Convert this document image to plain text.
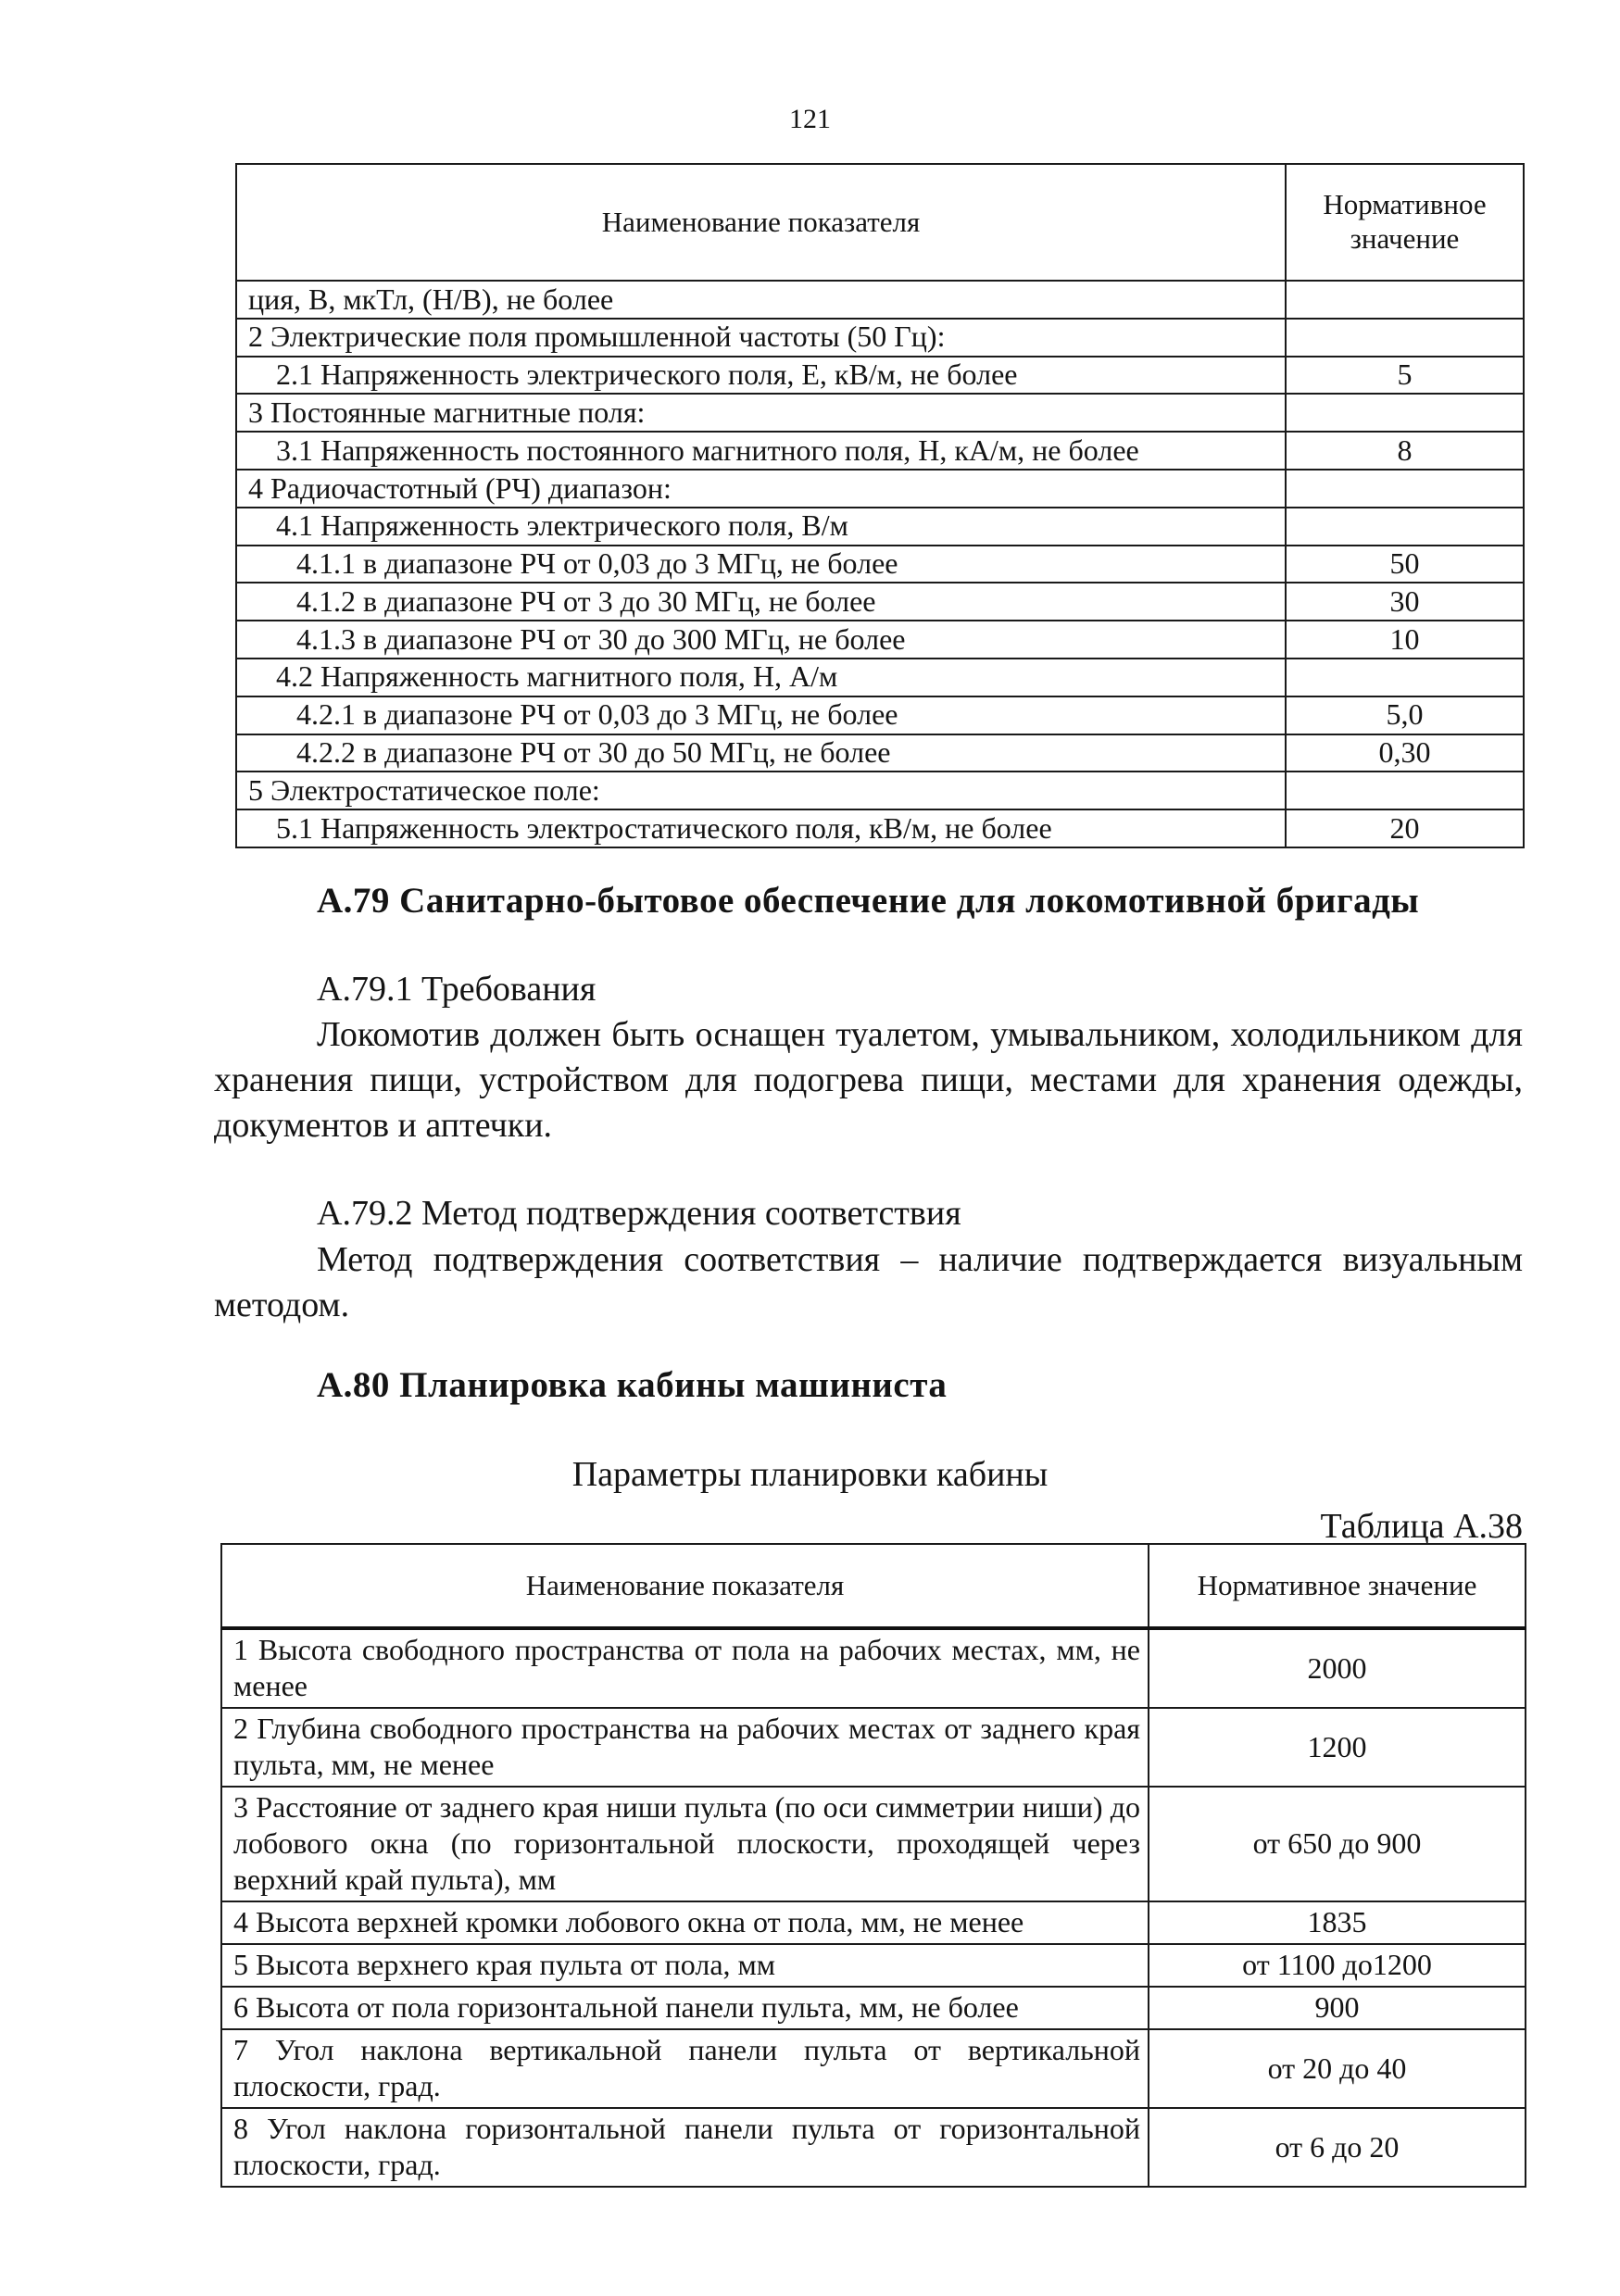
121
Наименование показателя	Нормативное значение
ция, В, мкТл, (Н/В), не более	
2 Электрические поля промышленной частоты (50 Гц):	
2.1 Напряженность электрического поля, Е, кВ/м, не более	5
3 Постоянные магнитные поля:	
3.1 Напряженность постоянного магнитного поля, Н, кА/м, не более	8
4 Радиочастотный (РЧ) диапазон:	
4.1 Напряженность электрического поля, В/м	
4.1.1 в диапазоне РЧ от 0,03 до 3 МГц, не более	50
4.1.2 в диапазоне РЧ от 3 до 30 МГц, не более	30
4.1.3 в диапазоне РЧ от 30 до 300 МГц, не более	10
4.2 Напряженность магнитного поля, Н, А/м	
4.2.1 в диапазоне РЧ от 0,03 до 3 МГц, не более	5,0
4.2.2 в диапазоне РЧ от 30 до 50 МГц, не более	0,30
5 Электростатическое поле:	
5.1 Напряженность электростатического поля, кВ/м, не более	20
А.79 Санитарно-бытовое обеспечение для локомотивной бригады
А.79.1 Требования

Локомотив должен быть оснащен туалетом, умывальником, холодильником для хранения пищи, устройством для подогрева пищи, местами для хранения одежды, документов и аптечки.

А.79.2 Метод подтверждения соответствия

Метод подтверждения соответствия – наличие подтверждается визуальным методом.

А.80 Планировка кабины машиниста
Параметры планировки кабины
Таблица А.38
Наименование показателя	Нормативное значение
1 Высота свободного пространства от пола на рабочих местах, мм, не менее	2000
2 Глубина свободного пространства на рабочих местах от заднего края пульта, мм, не менее	1200
3 Расстояние от заднего края ниши пульта (по оси симметрии ниши) до лобового окна (по горизонтальной плоскости, проходящей через верхний край пульта), мм	от 650 до 900
4 Высота верхней кромки лобового окна от пола, мм, не менее	1835
5 Высота верхнего края пульта от пола, мм	от 1100 до1200
6 Высота от пола горизонтальной панели пульта, мм, не более	900
7 Угол наклона вертикальной панели пульта от вертикальной плоскости, град.	от 20 до 40
8 Угол наклона горизонтальной панели пульта от горизонтальной плоскости, град.	от 6 до 20
